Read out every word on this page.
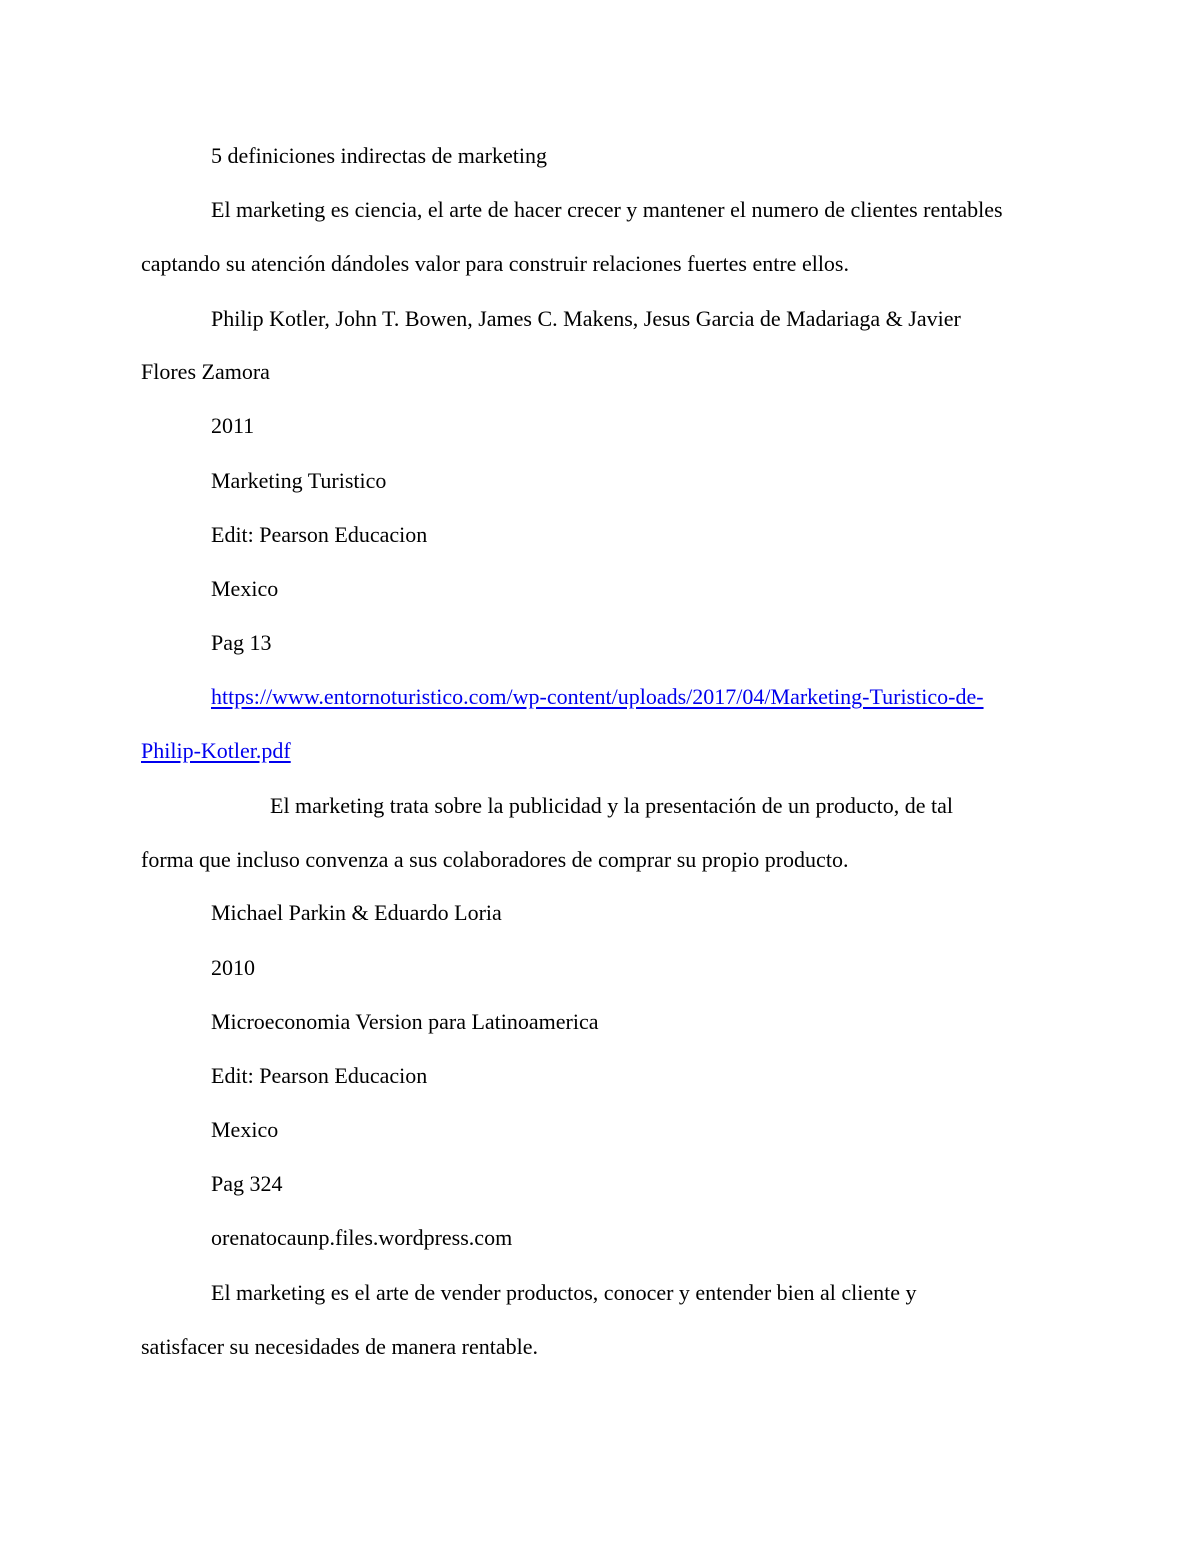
5 definiciones indirectas de marketing

El marketing es ciencia, el arte de hacer crecer y mantener el numero de clientes rentables

captando su atención dándoles valor para construir relaciones fuertes entre ellos.

Philip Kotler, John T. Bowen, James C. Makens, Jesus Garcia de Madariaga & Javier

Flores Zamora

2011

Marketing Turistico

Edit: Pearson Educacion

Mexico

Pag 13

https://www.entornoturistico.com/wp-content/uploads/2017/04/Marketing-Turistico-de-

Philip-Kotler.pdf

El marketing trata sobre la publicidad y la presentación de un producto, de tal

forma que incluso convenza a sus colaboradores de comprar su propio producto.

Michael Parkin & Eduardo Loria

2010

Microeconomia Version para Latinoamerica

Edit: Pearson Educacion

Mexico

Pag 324

orenatocaunp.files.wordpress.com

El marketing es el arte de vender productos, conocer y entender bien al cliente y

satisfacer su necesidades de manera rentable.
